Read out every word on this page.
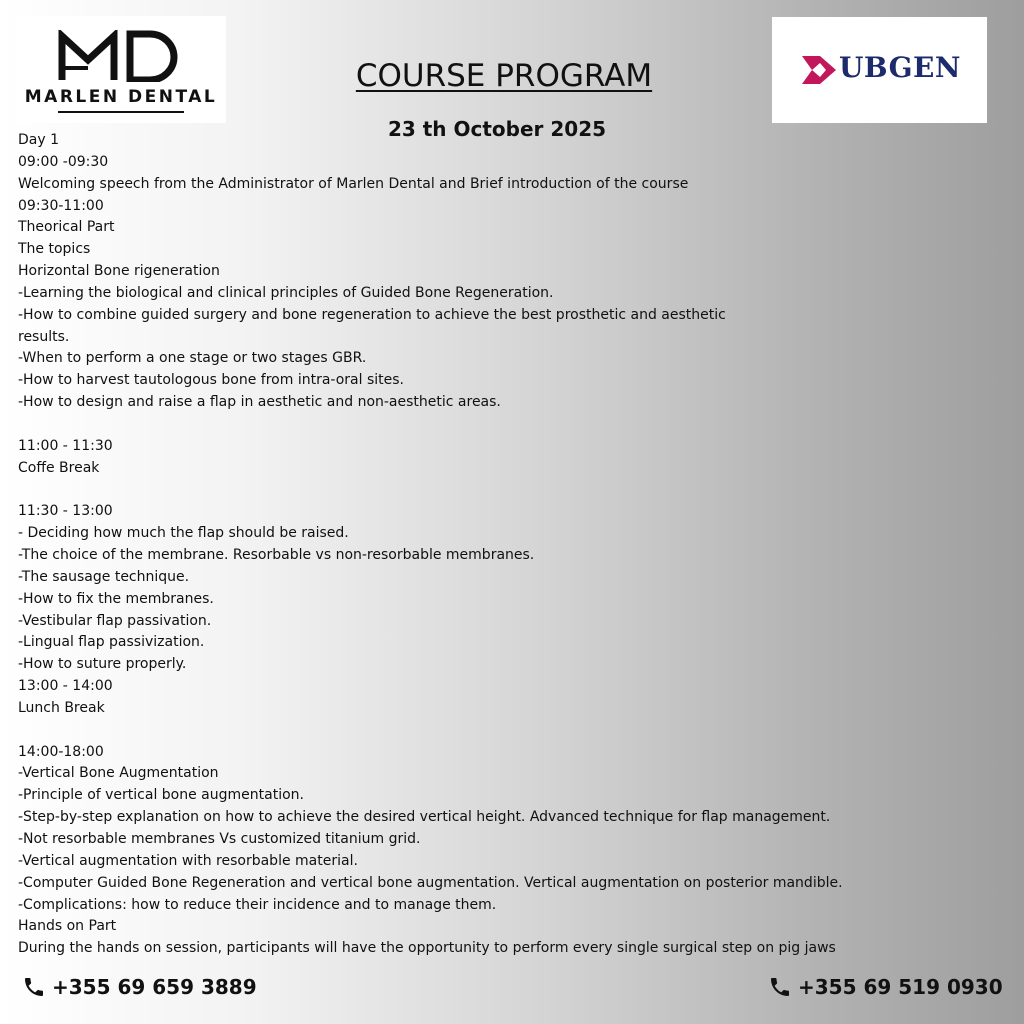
MARLEN DENTAL
UBGEN
COURSE PROGRAM
23 th October 2025
Day 1
09:00 -09:30
Welcoming speech from the Administrator of Marlen Dental and Brief introduction of the course
09:30-11:00
Theorical Part
The topics
Horizontal Bone rigeneration
-Learning the biological and clinical principles of Guided Bone Regeneration.
-How to combine guided surgery and bone regeneration to achieve the best prosthetic and aesthetic
results.
-When to perform a one stage or two stages GBR.
-How to harvest tautologous bone from intra-oral sites.
-How to design and raise a flap in aesthetic and non-aesthetic areas.
11:00 - 11:30
Coffe Break
11:30 - 13:00
- Deciding how much the flap should be raised.
-The choice of the membrane. Resorbable vs non-resorbable membranes.
-The sausage technique.
-How to fix the membranes.
-Vestibular flap passivation.
-Lingual flap passivization.
-How to suture properly.
13:00 - 14:00
Lunch Break
14:00-18:00
-Vertical Bone Augmentation
-Principle of vertical bone augmentation.
-Step-by-step explanation on how to achieve the desired vertical height. Advanced technique for flap management.
-Not resorbable membranes Vs customized titanium grid.
-Vertical augmentation with resorbable material.
-Computer Guided Bone Regeneration and vertical bone augmentation. Vertical augmentation on posterior mandible.
-Complications: how to reduce their incidence and to manage them.
Hands on Part
During the hands on session, participants will have the opportunity to perform every single surgical step on pig jaws
+355 69 659 3889	+355 69 519 0930
